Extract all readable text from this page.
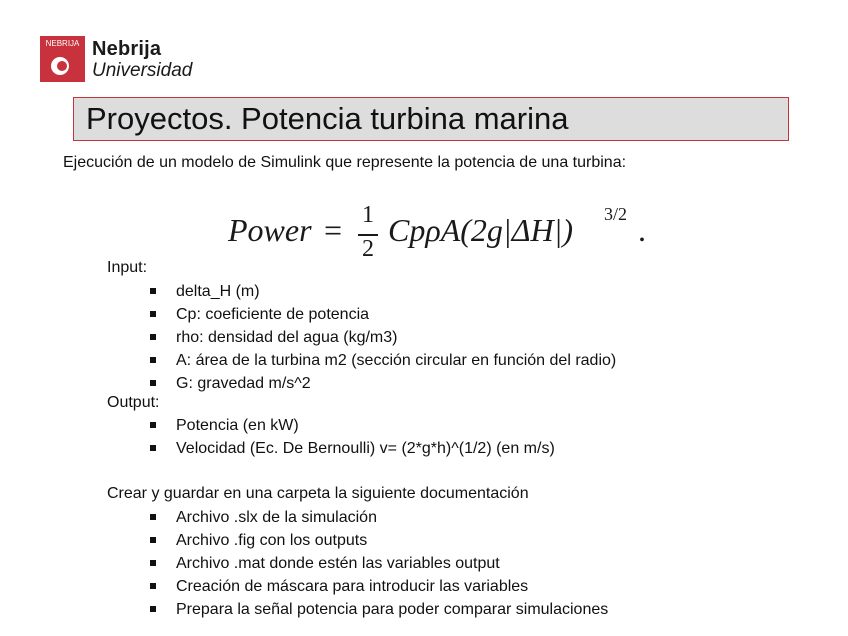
NEBRIJA Nebrija
Universidad
Proyectos. Potencia turbina marina
Ejecución de un modelo de Simulink que represente la potencia de una turbina:
Power = 1
2
CpρA(2g|ΔH|) 3/2 .
Input:
delta_H (m)
Cp: coeficiente de potencia
rho: densidad del agua (kg/m3)
A: área de la turbina m2 (sección circular en función del radio)
G: gravedad m/s^2
Output:
Potencia (en kW)
Velocidad (Ec. De Bernoulli) v= (2*g*h)^(1/2) (en m/s)
Crear y guardar en una carpeta la siguiente documentación
Archivo .slx de la simulación
Archivo .fig con los outputs
Archivo .mat donde estén las variables output
Creación de máscara para introducir las variables
Prepara la señal potencia para poder comparar simulaciones
